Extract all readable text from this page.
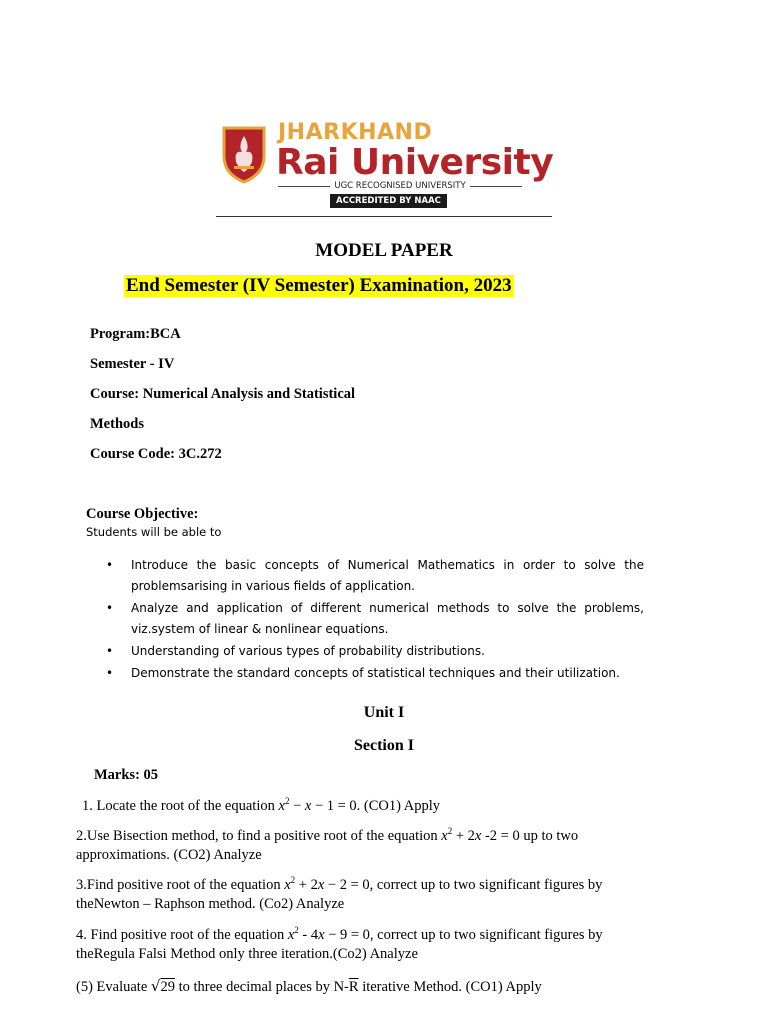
JHARKHAND
Rai University
UGC RECOGNISED UNIVERSITY
ACCREDITED BY NAAC
MODEL PAPER
End Semester (IV Semester) Examination, 2023
Program:BCA
Semester - IV
Course: Numerical Analysis and Statistical
Methods
Course Code: 3C.272
Course Objective:
Students will be able to
• Introduce the basic concepts of Numerical Mathematics in order to solve the problemsarising in various fields of application.
• Analyze and application of different numerical methods to solve the problems, viz.system of linear & nonlinear equations.
• Understanding of various types of probability distributions.
• Demonstrate the standard concepts of statistical techniques and their utilization.
Unit I
Section I
Marks: 05
1. Locate the root of the equation $x^2 - x - 1 = 0$. (CO1) Apply
2.Use Bisection method, to find a positive root of the equation $x^2 + 2x$ -2 = 0 up to two approximations. (CO2) Analyze
3.Find positive root of the equation $x^2 + 2x - 2 = 0$, correct up to two significant figures by theNewton – Raphson method. (Co2) Analyze
4. Find positive root of the equation $x^2 - 4x - 9 = 0$, correct up to two significant figures by theRegula Falsi Method only three iteration.(Co2) Analyze
(5) Evaluate √29 to three decimal places by $N-\overline{R}$ iterative Method. (CO1) Apply
